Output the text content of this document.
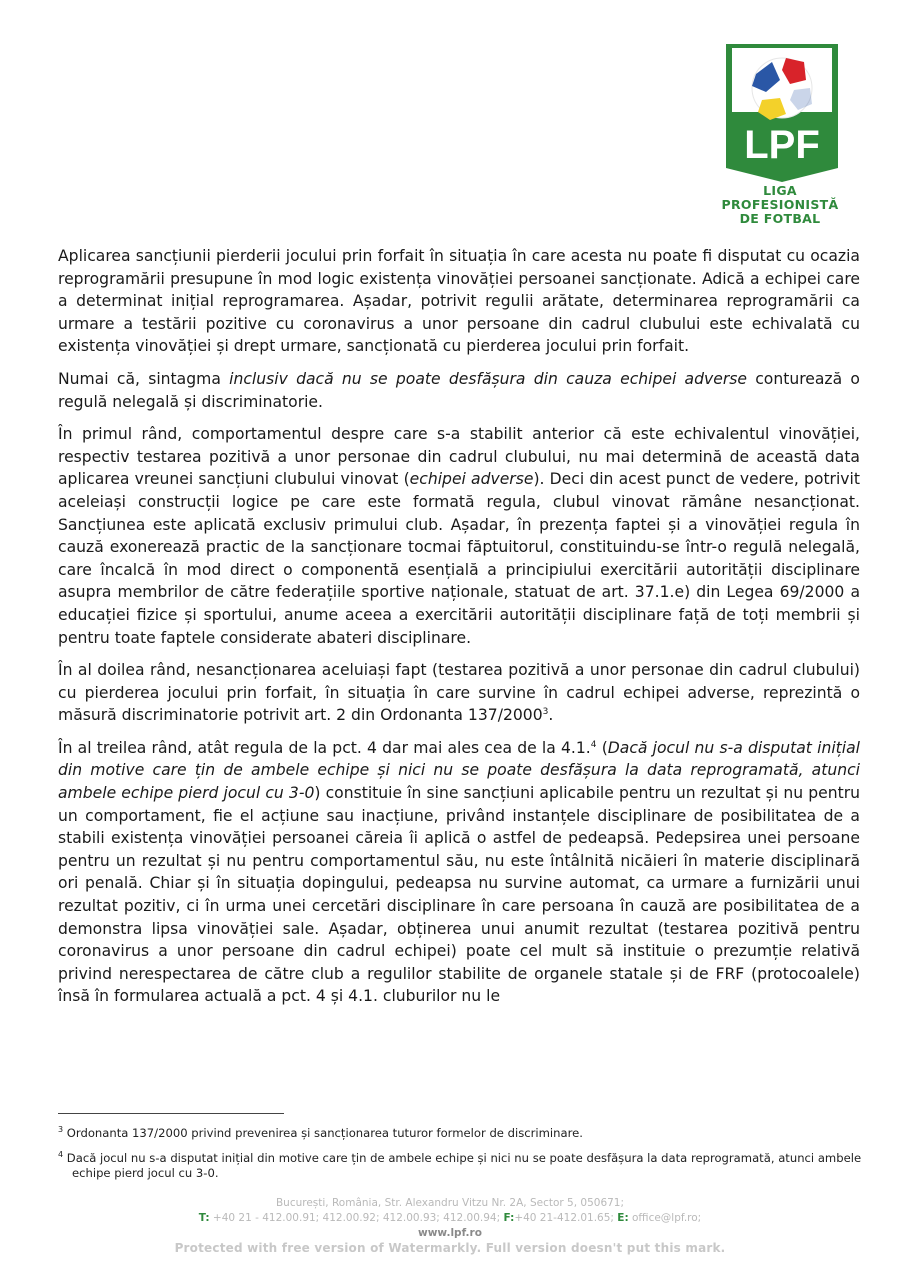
LPF
LIGA
PROFESIONISTĂ
DE FOTBAL

Aplicarea sancțiunii pierderii jocului prin forfait în situația în care acesta nu poate fi disputat cu ocazia reprogramării presupune în mod logic existența vinovăției persoanei sancționate. Adică a echipei care a determinat inițial reprogramarea. Așadar, potrivit regulii arătate, determinarea reprogramării ca urmare a testării pozitive cu coronavirus a unor persoane din cadrul clubului este echivalată cu existența vinovăției și drept urmare, sancționată cu pierderea jocului prin forfait.

Numai că, sintagma inclusiv dacă nu se poate desfășura din cauza echipei adverse conturează o regulă nelegală și discriminatorie.

În primul rând, comportamentul despre care s-a stabilit anterior că este echivalentul vinovăției, respectiv testarea pozitivă a unor personae din cadrul clubului, nu mai determină de această data aplicarea vreunei sancțiuni clubului vinovat (echipei adverse). Deci din acest punct de vedere, potrivit aceleiași construcții logice pe care este formată regula, clubul vinovat rămâne nesancționat. Sancțiunea este aplicată exclusiv primului club. Așadar, în prezența faptei și a vinovăției regula în cauză exonerează practic de la sancționare tocmai făptuitorul, constituindu-se într-o regulă nelegală, care încalcă în mod direct o componentă esențială a principiului exercitării autorității disciplinare asupra membrilor de către federațiile sportive naționale, statuat de art. 37.1.e) din Legea 69/2000 a educației fizice și sportului, anume aceea a exercitării autorității disciplinare față de toți membrii și pentru toate faptele considerate abateri disciplinare.

În al doilea rând, nesancționarea aceluiași fapt (testarea pozitivă a unor personae din cadrul clubului) cu pierderea jocului prin forfait, în situația în care survine în cadrul echipei adverse, reprezintă o măsură discriminatorie potrivit art. 2 din Ordonanta 137/2000$^3$.

În al treilea rând, atât regula de la pct. 4 dar mai ales cea de la 4.1.$^4$ (Dacă jocul nu s-a disputat inițial din motive care țin de ambele echipe și nici nu se poate desfășura la data reprogramată, atunci ambele echipe pierd jocul cu 3-0) constituie în sine sancțiuni aplicabile pentru un rezultat și nu pentru un comportament, fie el acțiune sau inacțiune, privând instanțele disciplinare de posibilitatea de a stabili existența vinovăției persoanei căreia îi aplică o astfel de pedeapsă. Pedepsirea unei persoane pentru un rezultat și nu pentru comportamentul său, nu este întâlnită nicăieri în materie disciplinară ori penală. Chiar și în situația dopingului, pedeapsa nu survine automat, ca urmare a furnizării unui rezultat pozitiv, ci în urma unei cercetări disciplinare în care persoana în cauză are posibilitatea de a demonstra lipsa vinovăției sale. Așadar, obținerea unui anumit rezultat (testarea pozitivă pentru coronavirus a unor persoane din cadrul echipei) poate cel mult să instituie o prezumție relativă privind nerespectarea de către club a regulilor stabilite de organele statale și de FRF (protocoalele) însă în formularea actuală a pct. 4 și 4.1. cluburilor nu le

$^3$ Ordonanta 137/2000 privind prevenirea și sancționarea tuturor formelor de discriminare.

$^4$ Dacă jocul nu s-a disputat inițial din motive care țin de ambele echipe și nici nu se poate desfășura la data reprogramată, atunci ambele echipe pierd jocul cu 3-0.

București, România, Str. Alexandru Vitzu Nr. 2A, Sector 5, 050671;
T: +40 21 - 412.00.91; 412.00.92; 412.00.93; 412.00.94; F:+40 21-412.01.65; E: office@lpf.ro;
www.lpf.ro
Protected with free version of Watermarkly. Full version doesn't put this mark.
